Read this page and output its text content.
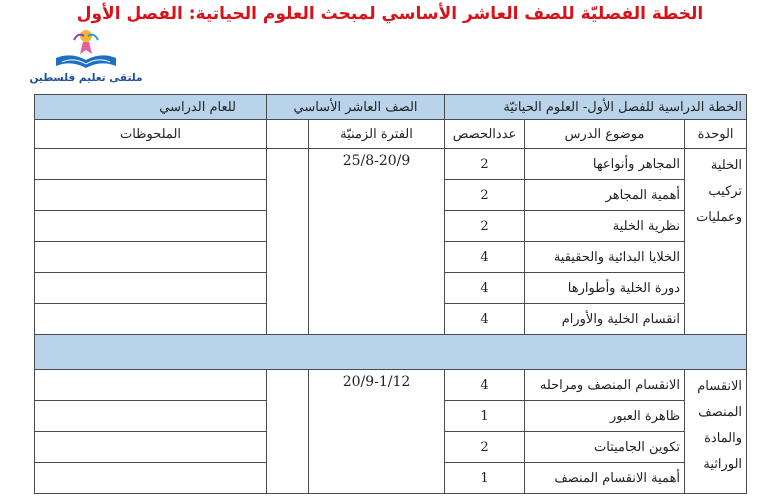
الخطة الفصليّة للصف العاشر الأساسي لمبحث العلوم الحياتية: الفصل الأول
ملتقى تعليم فلسطين
الخطة الدراسية للفصل الأول- العلوم الحياتيّة			الصف العاشر الأساسي		للعام الدراسي
الوحدة	موضوع الدرس	عددالحصص	الفترة الزمنيّة		الملحوظات
الخلية تركيب وعمليات	المجاهر وأنواعها	2	25/8-20/9		
	أهمية المجاهر	2			
	نظرية الخلية	2			
	الخلايا البدائية والحقيقية	4			
	دورة الخلية وأطوارها	4			
	انقسام الخلية والأورام	4			

الانقسام المنصف والمادة الوراثية	الانقسام المنصف ومراحله	4	20/9-1/12		
	ظاهرة العبور	1			
	تكوين الجاميتات	2			
	أهمية الانقسام المنصف	1			
